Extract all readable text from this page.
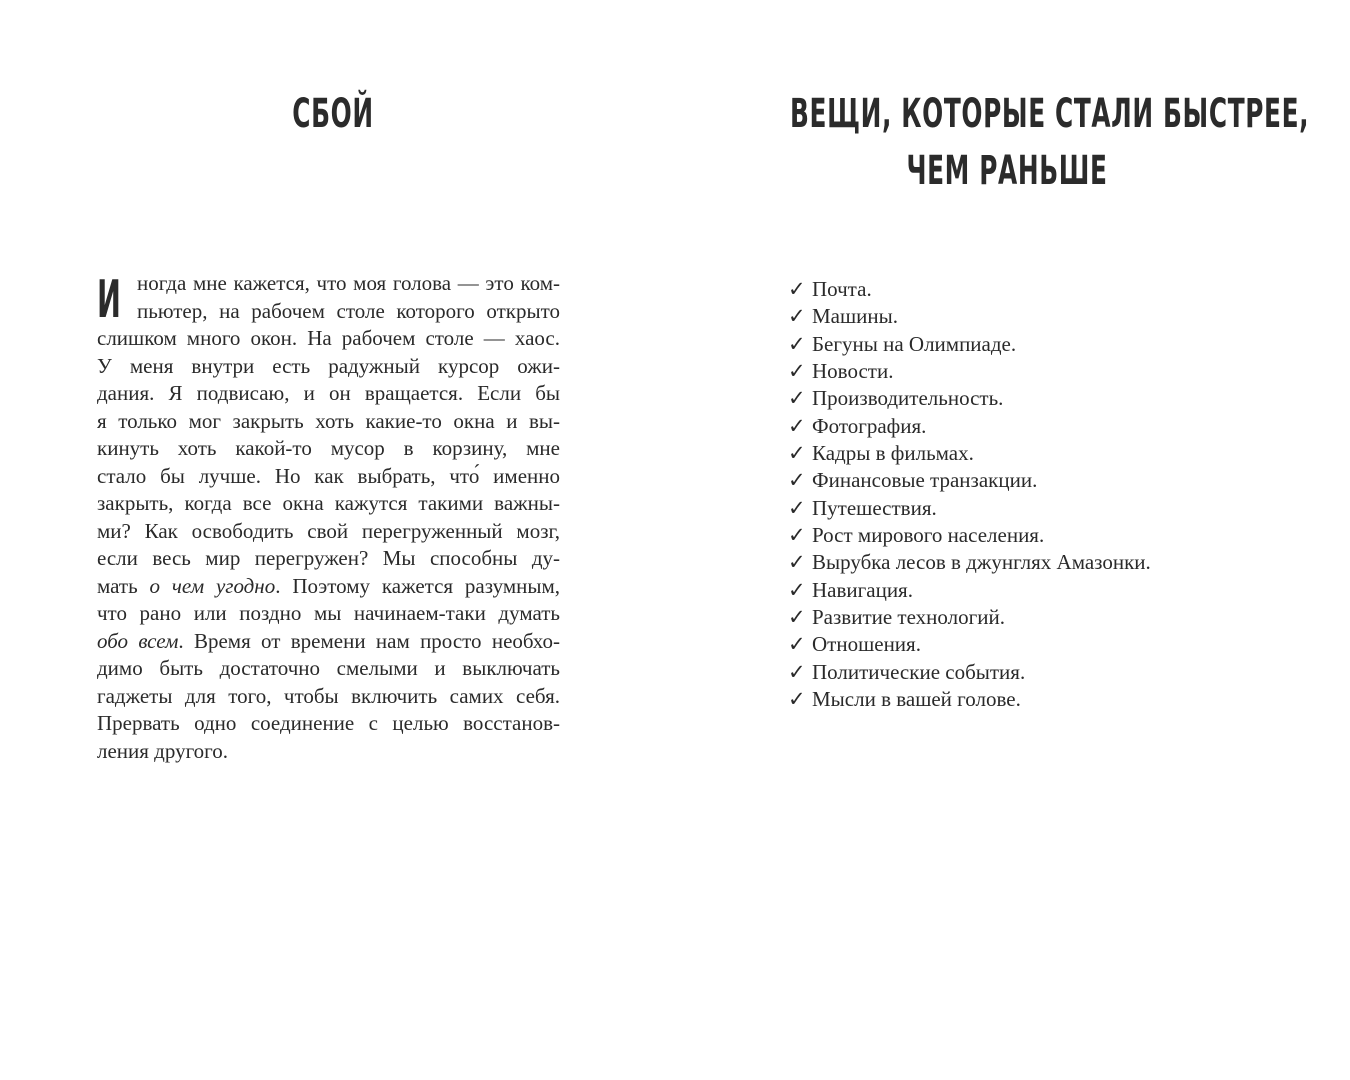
СБОЙ	ВЕЩИ, КОТОРЫЕ СТАЛИ БЫСТРЕЕ,
ЧЕМ РАНЬШЕ
И ногда мне кажется, что моя голова — это ком-
пьютер, на рабочем столе которого открыто
слишком много окон. На рабочем столе — хаос.
У меня внутри есть радужный курсор ожи-
дания. Я подвисаю, и он вращается. Если бы
я только мог закрыть хоть какие-то окна и вы-
кинуть хоть какой-то мусор в корзину, мне
стало бы лучше. Но как выбрать, что́ именно
закрыть, когда все окна кажутся такими важны-
ми? Как освободить свой перегруженный мозг,
если весь мир перегружен? Мы способны ду-
мать о чем угодно. Поэтому кажется разумным,
что рано или поздно мы начинаем-таки думать
обо всем. Время от времени нам просто необхо-
димо быть достаточно смелыми и выключать
гаджеты для того, чтобы включить самих себя.
Прервать одно соединение с целью восстанов-
ления другого.
✓ Почта.
✓ Машины.
✓ Бегуны на Олимпиаде.
✓ Новости.
✓ Производительность.
✓ Фотография.
✓ Кадры в фильмах.
✓ Финансовые транзакции.
✓ Путешествия.
✓ Рост мирового населения.
✓ Вырубка лесов в джунглях Амазонки.
✓ Навигация.
✓ Развитие технологий.
✓ Отношения.
✓ Политические события.
✓ Мысли в вашей голове.
